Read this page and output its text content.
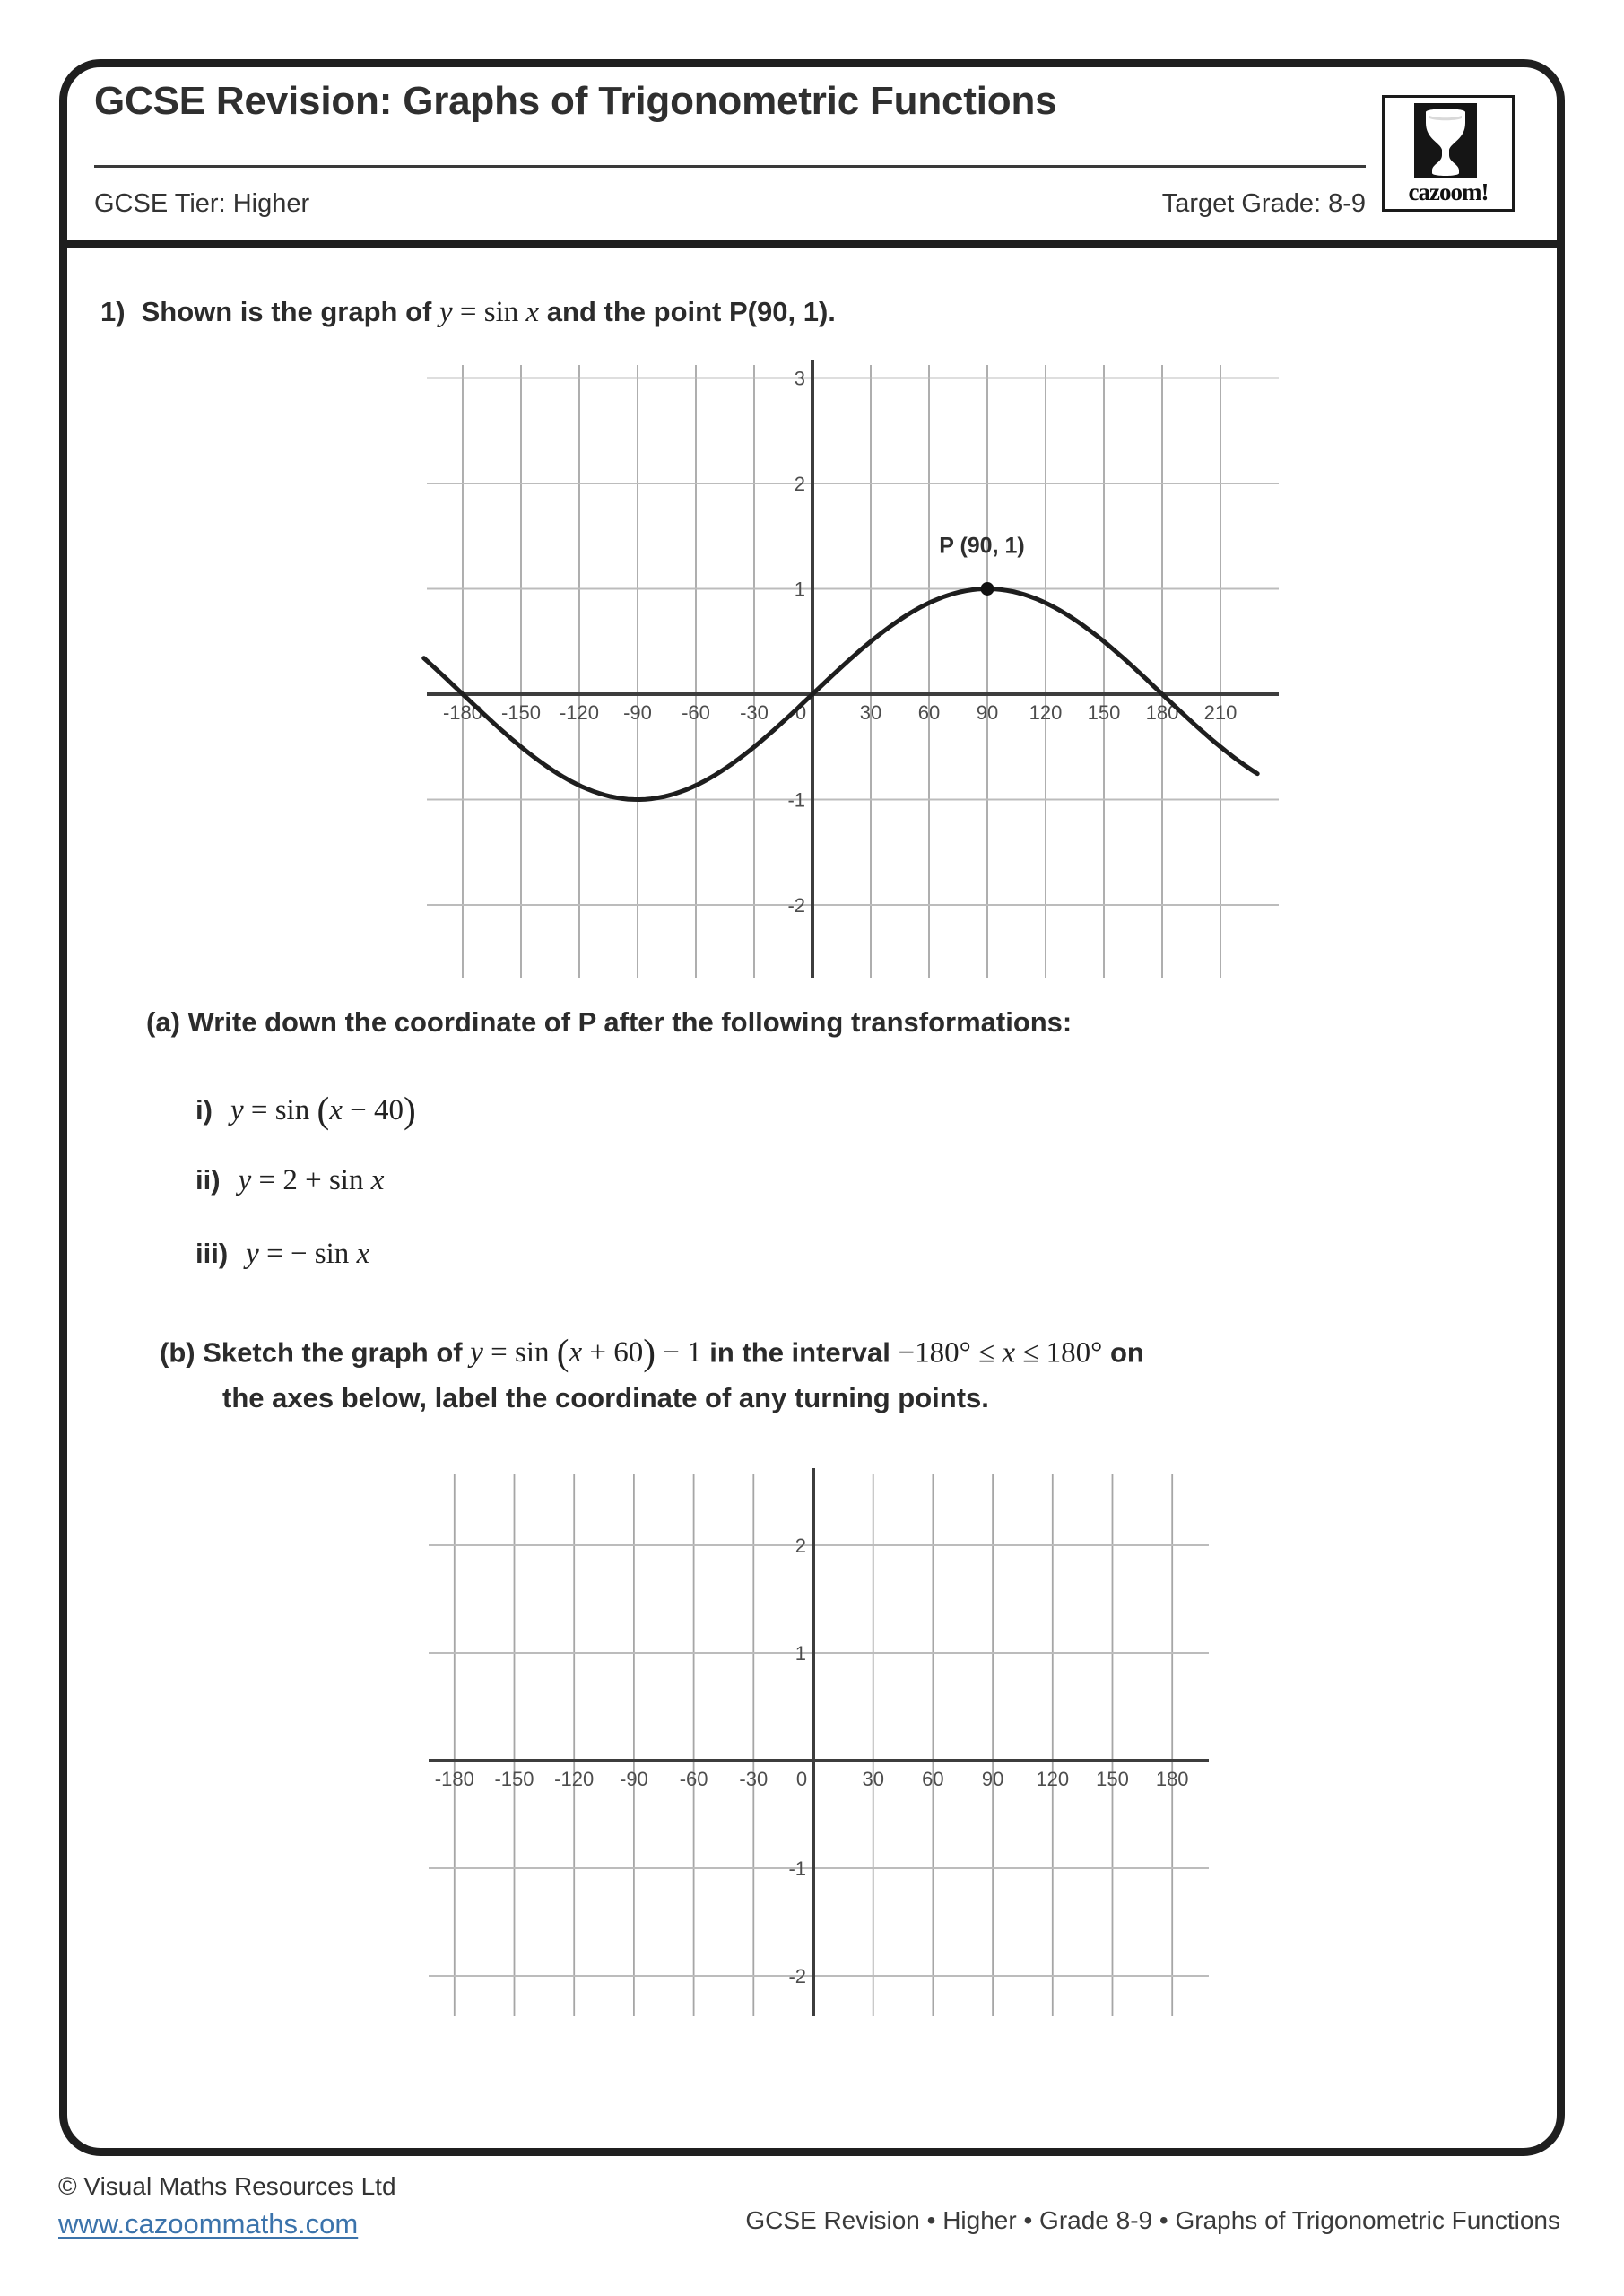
GCSE Revision: Graphs of Trigonometric Functions
GCSE Tier: Higher	Target Grade: 8-9	cazoom!
1) Shown is the graph of y = sin x and the point P(90, 1).
-180 -150 -120 -90 -60 -30 0	30 60 90 120 150 180 210
3
2
1
-1
-2
P (90, 1)
(a) Write down the coordinate of P after the following transformations:
i) y = sin (x − 40)
ii) y = 2 + sin x
iii) y = − sin x
(b) Sketch the graph of y = sin (x + 60) − 1 in the interval −180° ≤ x ≤ 180° on
the axes below, label the coordinate of any turning points.
-180 -150 -120 -90 -60 -30 0	30 60 90 120 150 180
2
1
-1
-2
© Visual Maths Resources Ltd
www.cazoommaths.com	GCSE Revision • Higher • Grade 8-9 • Graphs of Trigonometric Functions
